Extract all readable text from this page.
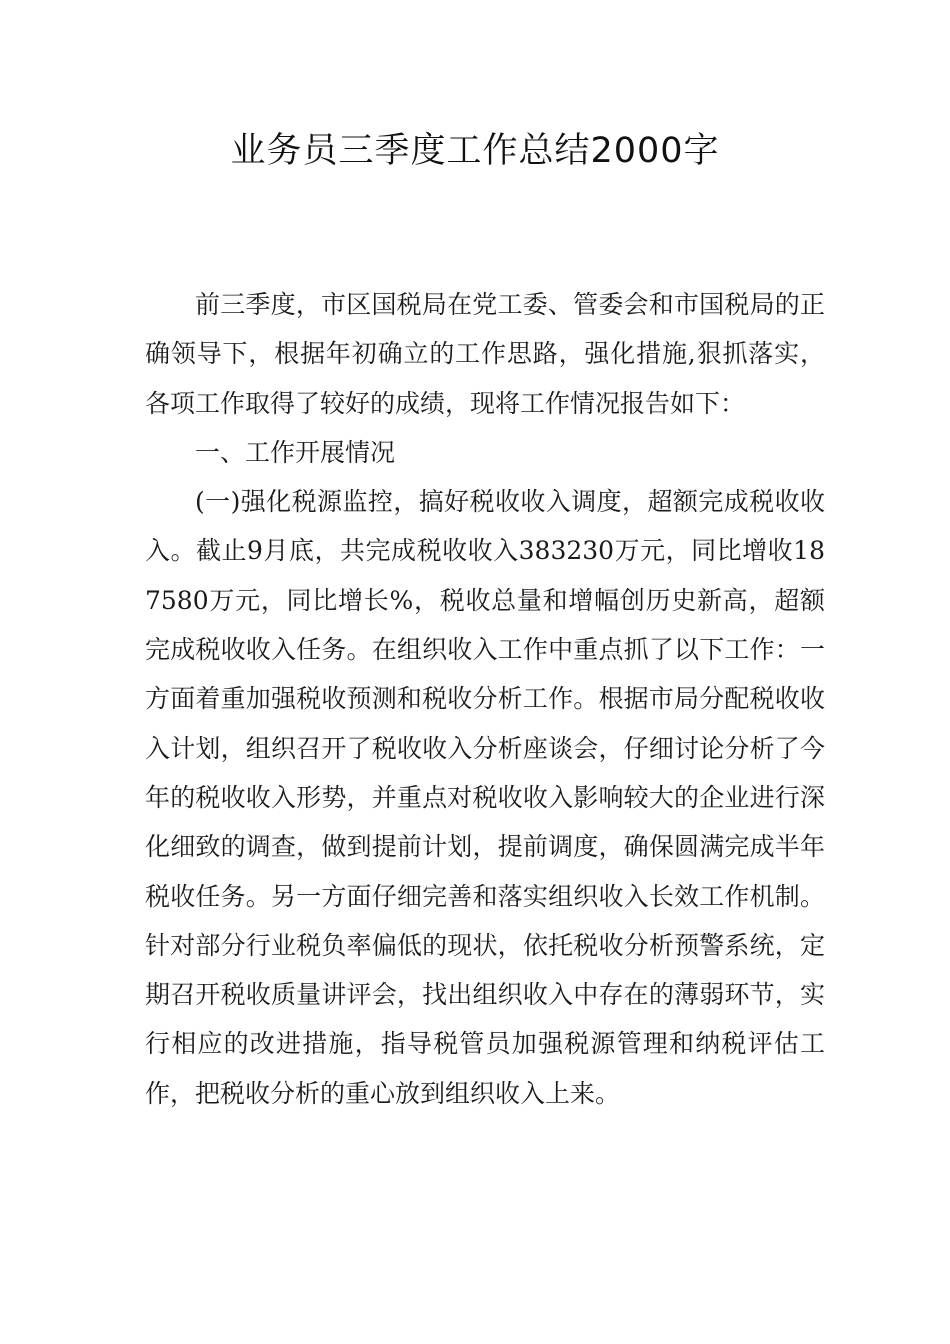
业务员三季度工作总结2000字

前三季度，市区国税局在党工委、管委会和市国税局的正确领导下，根据年初确立的工作思路，强化措施,狠抓落实，各项工作取得了较好的成绩，现将工作情况报告如下：

一、工作开展情况

(一)强化税源监控，搞好税收收入调度，超额完成税收收入。截止9月底，共完成税收收入383230万元，同比增收187580万元，同比增长%，税收总量和增幅创历史新高，超额完成税收收入任务。在组织收入工作中重点抓了以下工作：一方面着重加强税收预测和税收分析工作。根据市局分配税收收入计划，组织召开了税收收入分析座谈会，仔细讨论分析了今年的税收收入形势，并重点对税收收入影响较大的企业进行深化细致的调查，做到提前计划，提前调度，确保圆满完成半年税收任务。另一方面仔细完善和落实组织收入长效工作机制。针对部分行业税负率偏低的现状，依托税收分析预警系统，定期召开税收质量讲评会，找出组织收入中存在的薄弱环节，实行相应的改进措施，指导税管员加强税源管理和纳税评估工作，把税收分析的重心放到组织收入上来。
